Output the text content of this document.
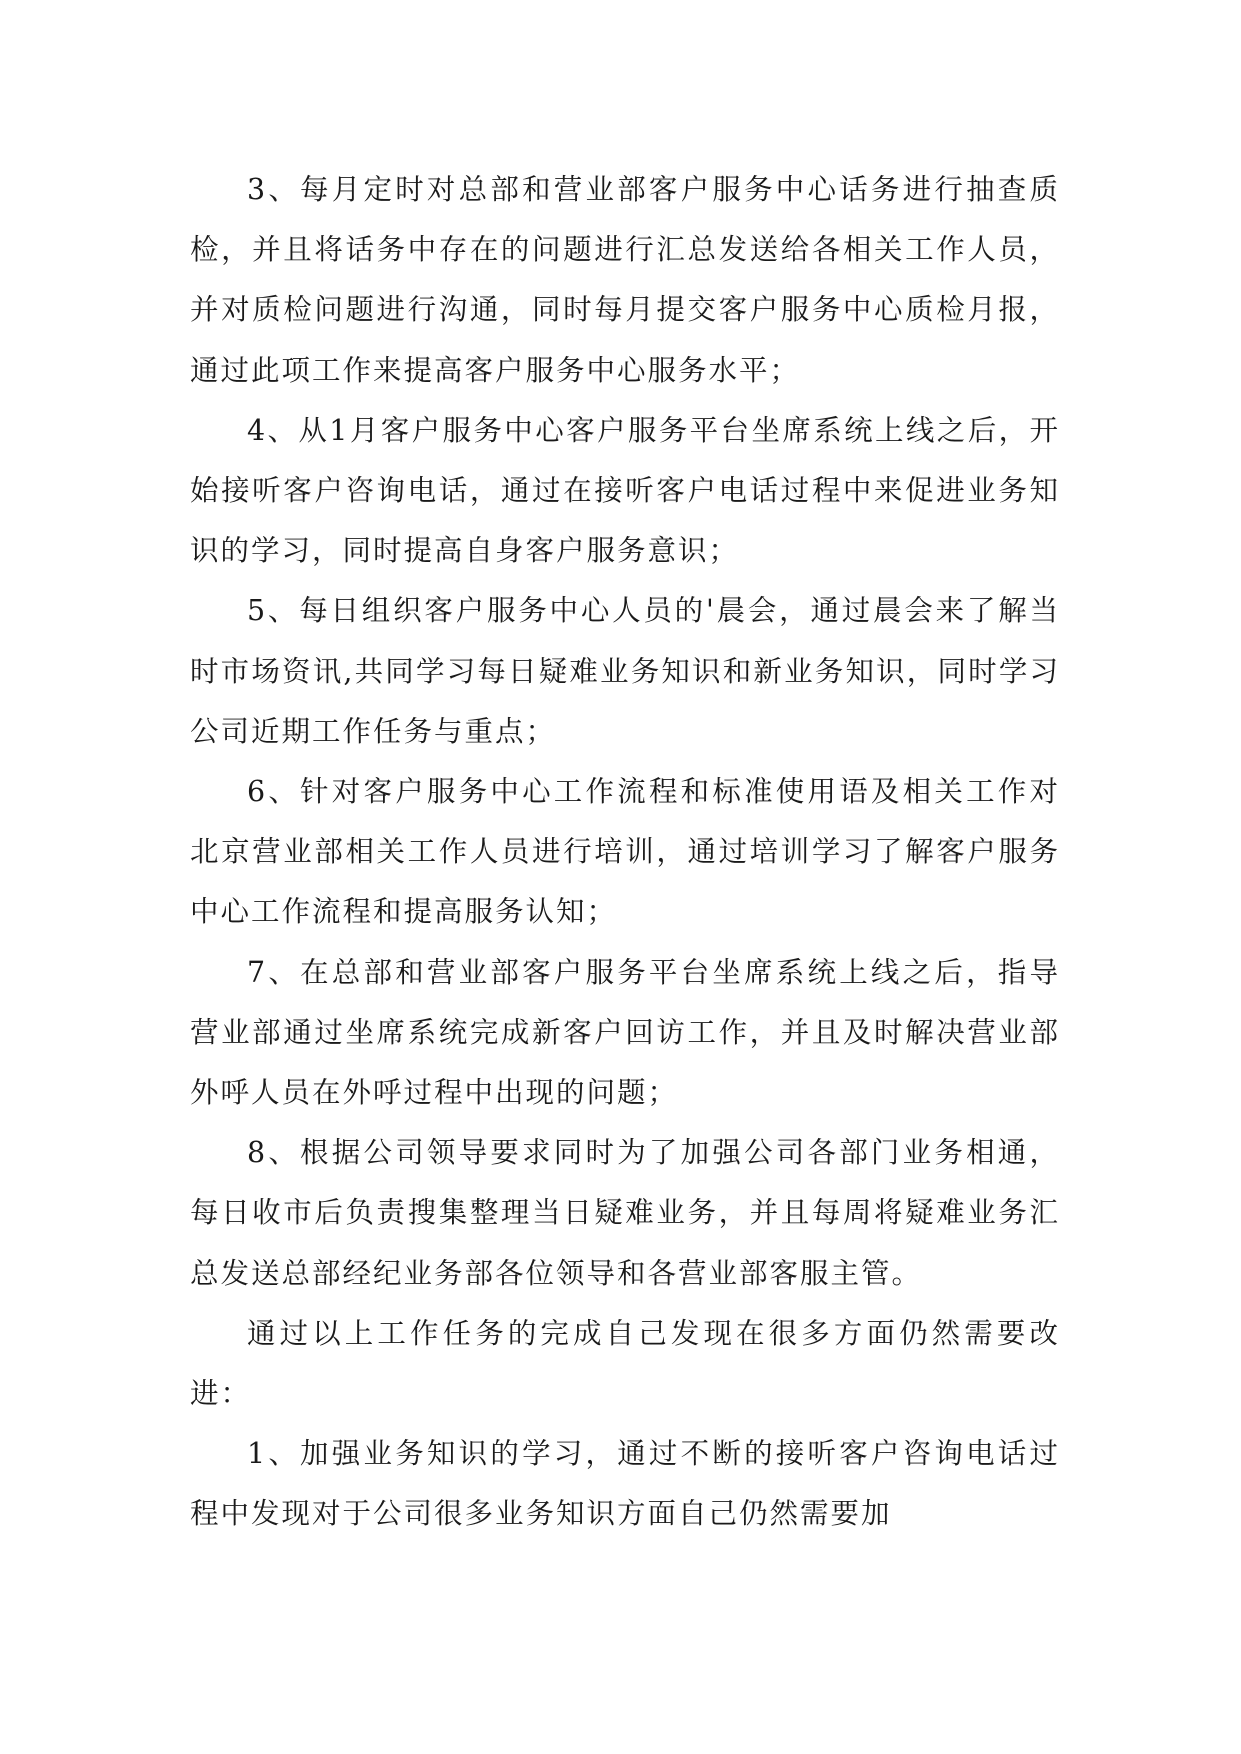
3、每月定时对总部和营业部客户服务中心话务进行抽查质检，并且将话务中存在的问题进行汇总发送给各相关工作人员，并对质检问题进行沟通，同时每月提交客户服务中心质检月报，通过此项工作来提高客户服务中心服务水平；

4、从1月客户服务中心客户服务平台坐席系统上线之后，开始接听客户咨询电话，通过在接听客户电话过程中来促进业务知识的学习，同时提高自身客户服务意识；

5、每日组织客户服务中心人员的'晨会，通过晨会来了解当时市场资讯,共同学习每日疑难业务知识和新业务知识，同时学习公司近期工作任务与重点；

6、针对客户服务中心工作流程和标准使用语及相关工作对北京营业部相关工作人员进行培训，通过培训学习了解客户服务中心工作流程和提高服务认知；

7、在总部和营业部客户服务平台坐席系统上线之后，指导营业部通过坐席系统完成新客户回访工作，并且及时解决营业部外呼人员在外呼过程中出现的问题；

8、根据公司领导要求同时为了加强公司各部门业务相通，每日收市后负责搜集整理当日疑难业务，并且每周将疑难业务汇总发送总部经纪业务部各位领导和各营业部客服主管。

通过以上工作任务的完成自己发现在很多方面仍然需要改进：

1、加强业务知识的学习，通过不断的接听客户咨询电话过程中发现对于公司很多业务知识方面自己仍然需要加
